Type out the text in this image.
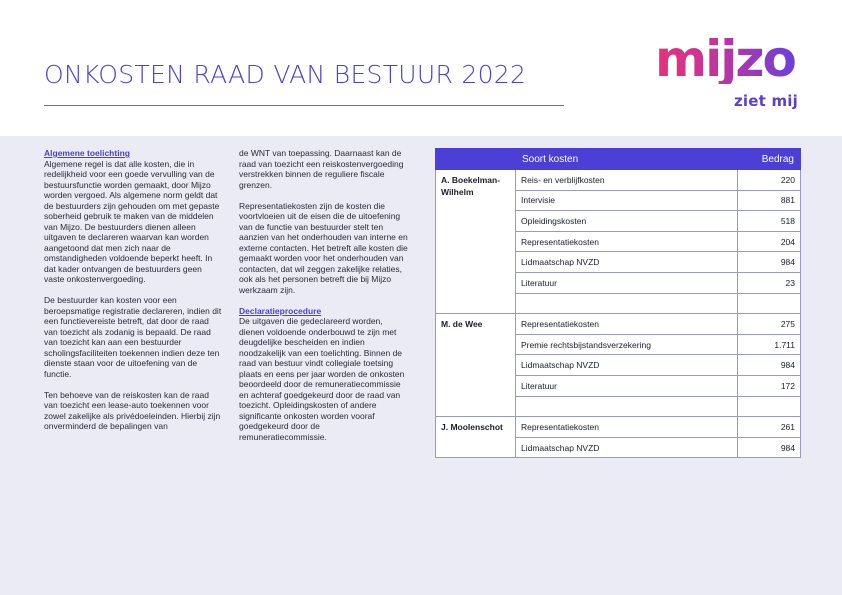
ONKOSTEN RAAD VAN BESTUUR 2022	mijzo
ziet mij
Algemene toelichting
Algemene regel is dat alle kosten, die in redelijkheid voor een goede vervulling van de bestuursfunctie worden gemaakt, door Mijzo worden vergoed. Als algemene norm geldt dat de bestuurders zijn gehouden om met gepaste soberheid gebruik te maken van de middelen van Mijzo. De bestuurders dienen alleen uitgaven te declareren waarvan kan worden aangetoond dat men zich naar de omstandigheden voldoende beperkt heeft. In dat kader ontvangen de bestuurders geen vaste onkostenvergoeding.
De bestuurder kan kosten voor een beroepsmatige registratie declareren, indien dit een functievereiste betreft, dat door de raad van toezicht als zodanig is bepaald. De raad van toezicht kan aan een bestuurder scholingsfaciliteiten toekennen indien deze ten dienste staan voor de uitoefening van de functie.
Ten behoeve van de reiskosten kan de raad van toezicht een lease-auto toekennen voor zowel zakelijke als privédoeleinden. Hierbij zijn onverminderd de bepalingen van
de WNT van toepassing. Daarnaast kan de raad van toezicht een reiskostenvergoeding verstrekken binnen de reguliere fiscale grenzen.
Representatiekosten zijn de kosten die voortvloeien uit de eisen die de uitoefening van de functie van bestuurder stelt ten aanzien van het onderhouden van interne en externe contacten. Het betreft alle kosten die gemaakt worden voor het onderhouden van contacten, dat wil zeggen zakelijke relaties, ook als het personen betreft die bij Mijzo werkzaam zijn.
Declaratieprocedure
De uitgaven die gedeclareerd worden, dienen voldoende onderbouwd te zijn met deugdelijke bescheiden en indien noodzakelijk van een toelichting. Binnen de raad van bestuur vindt collegiale toetsing plaats en eens per jaar worden de onkosten beoordeeld door de remuneratiecommissie en achteraf goedgekeurd door de raad van toezicht. Opleidingskosten of andere significante onkosten worden vooraf goedgekeurd door de remuneratiecommissie.
	Soort kosten	Bedrag
A. Boekelman-Wilhelm	Reis- en verblijfkosten	220
	Intervisie	881
	Opleidingskosten	518
	Representatiekosten	204
	Lidmaatschap NVZD	984
	Literatuur	23

M. de Wee	Representatiekosten	275
	Premie rechtsbijstandsverzekering	1.711
	Lidmaatschap NVZD	984
	Literatuur	172

J. Moolenschot	Representatiekosten	261
	Lidmaatschap NVZD	984
